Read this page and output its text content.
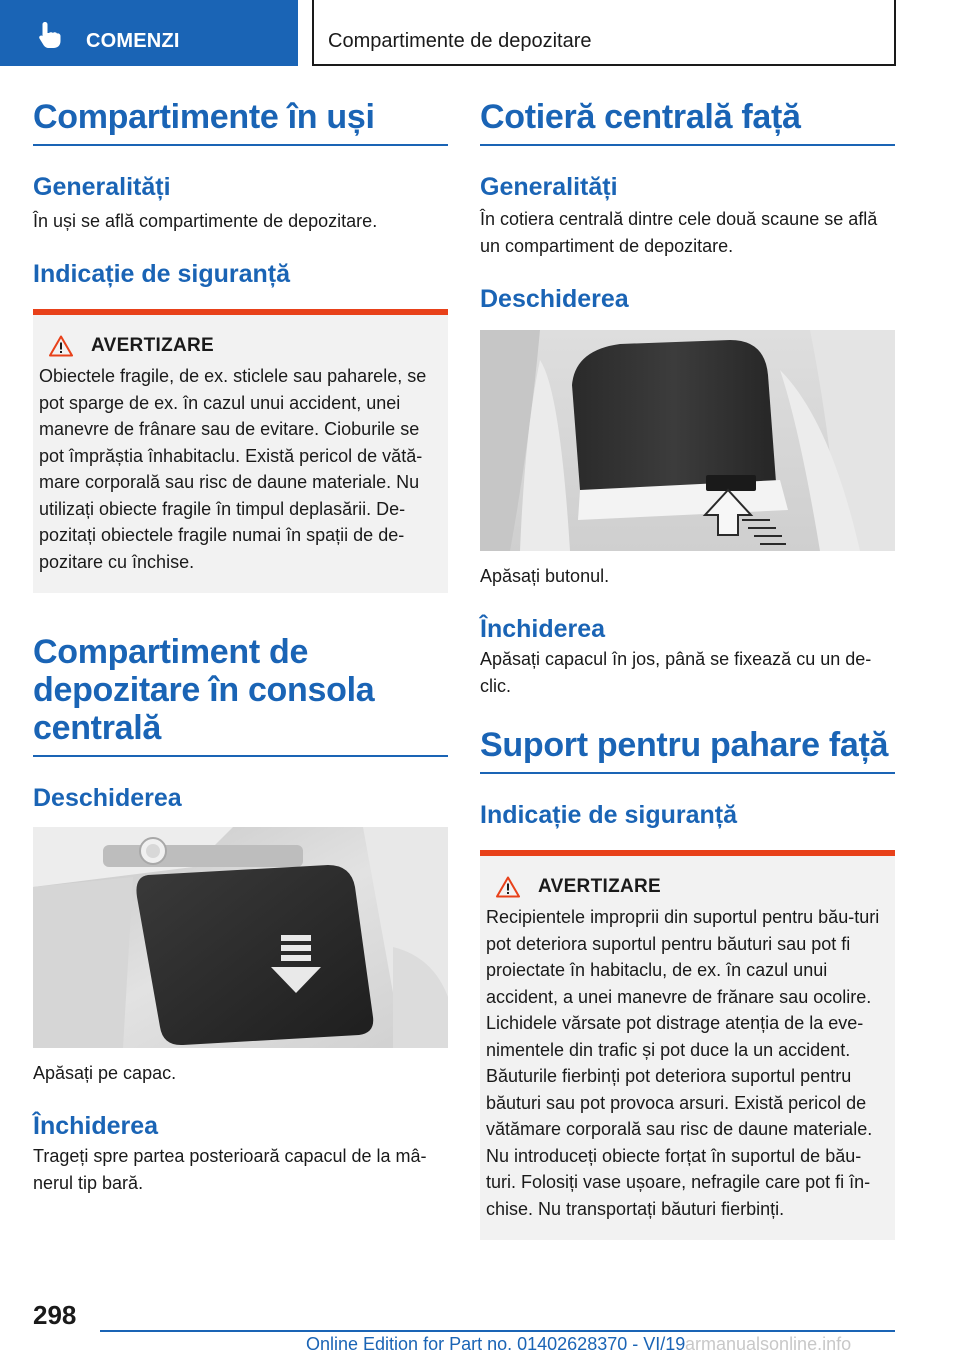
COMENZI	Compartimente de depozitare
Compartimente în uși
Generalități
În uși se află compartimente de depozitare.
Indicație de siguranță
AVERTIZARE
Obiectele fragile, de ex. sticlele sau paharele, se pot sparge de ex. în cazul unui accident, unei manevre de frânare sau de evitare. Cioburile se pot împrăștia înhabitaclu. Există pericol de vătă-mare corporală sau risc de daune materiale. Nu utilizați obiecte fragile în timpul deplasării. De-pozitați obiectele fragile numai în spații de de-pozitare cu închise.
Compartiment de depozitare în consola centrală
Deschiderea
Apăsați pe capac.
Închiderea
Trageți spre partea posterioară capacul de la mâ-nerul tip bară.
Cotieră centrală față
Generalități
În cotiera centrală dintre cele două scaune se află un compartiment de depozitare.
Deschiderea
Apăsați butonul.
Închiderea
Apăsați capacul în jos, până se fixează cu un de-clic.
Suport pentru pahare față
Indicație de siguranță
AVERTIZARE
Recipientele improprii din suportul pentru bău-turi pot deteriora suportul pentru băuturi sau pot fi proiectate în habitaclu, de ex. în cazul unui accident, a unei manevre de frănare sau ocolire. Lichidele vărsate pot distrage atenția de la eve-nimentele din trafic și pot duce la un accident. Băuturile fierbinți pot deteriora suportul pentru băuturi sau pot provoca arsuri. Există pericol de vătămare corporală sau risc de daune materiale. Nu introduceți obiecte forțat în suportul de bău-turi. Folosiți vase ușoare, nefragile care pot fi în-chise. Nu transportați băuturi fierbinți.
298
Online Edition for Part no. 01402628370 - VI/19 armanualsonline.info
